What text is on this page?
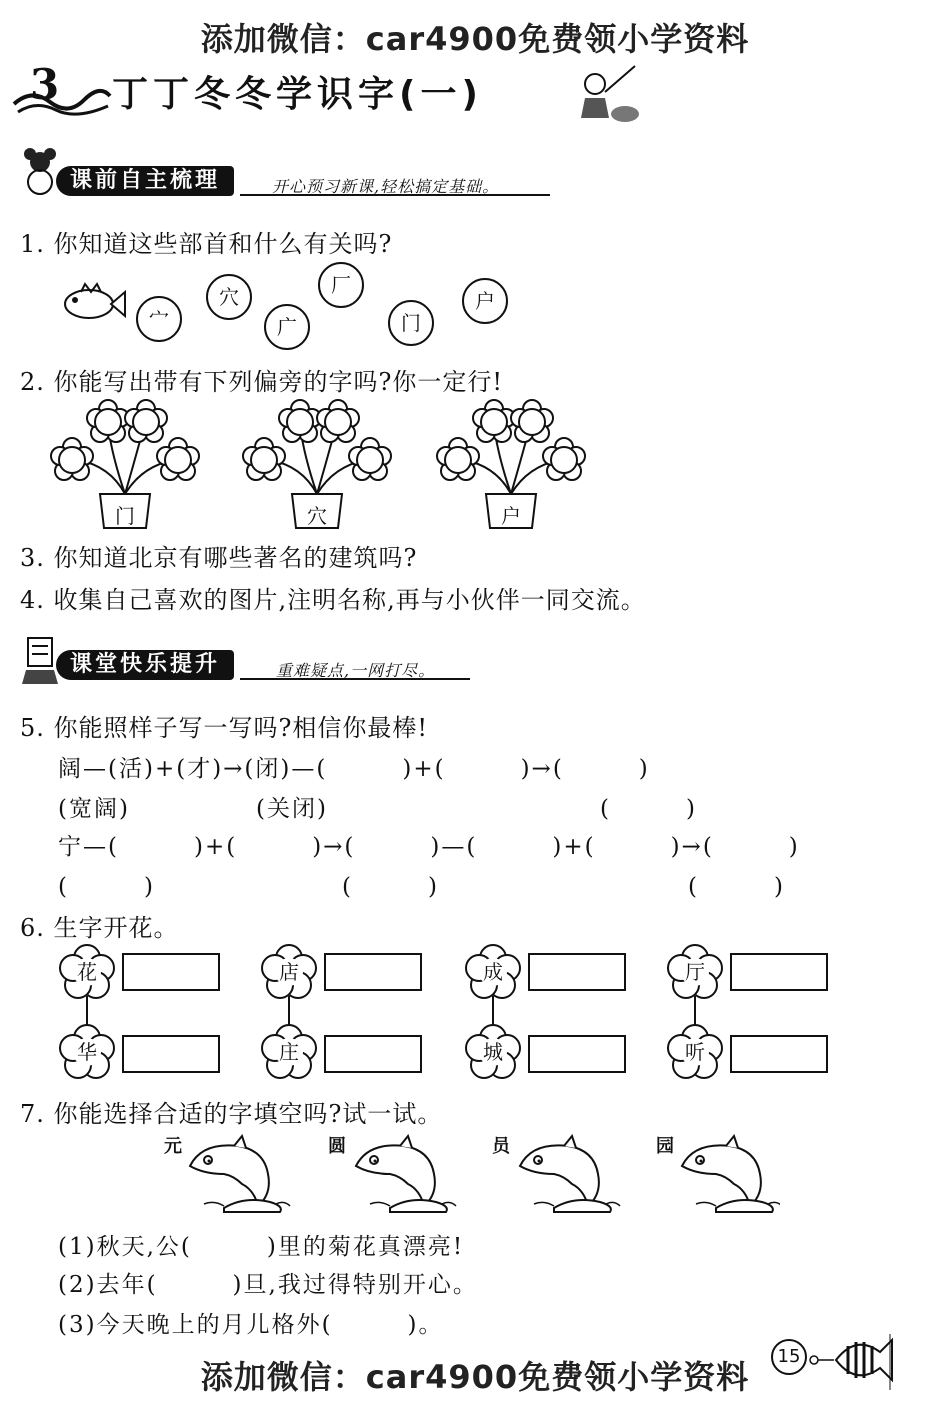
添加微信：car4900免费领小学资料
添加微信：car4900免费领小学资料
3 丁丁冬冬学识字(一)
课前自主梳理	开心预习新课,轻松搞定基础。
1. 你知道这些部首和什么有关吗?
宀
穴
广
厂
门
户
2. 你能写出带有下列偏旁的字吗?你一定行!
门	穴	户
3. 你知道北京有哪些著名的建筑吗?
4. 收集自己喜欢的图片,注明名称,再与小伙伴一同交流。
课堂快乐提升	重难疑点,一网打尽。
5. 你能照样子写一写吗?相信你最棒!
阔—(活)+(才)→(闭)—(　　　)+(　　　)→(　　　)
(宽阔)	(关闭)	(　　　)
宁—(　　　)+(　　　)→(　　　)—(　　　)+(　　　)→(　　　)
(　　　)	(　　　)	(　　　)
6. 生字开花。
花	店	成	厅
华	庄	城	听
7. 你能选择合适的字填空吗?试一试。
元	圆	员	园
(1)秋天,公(　　　)里的菊花真漂亮!
(2)去年(　　　)旦,我过得特别开心。
(3)今天晚上的月儿格外(　　　)。
15
